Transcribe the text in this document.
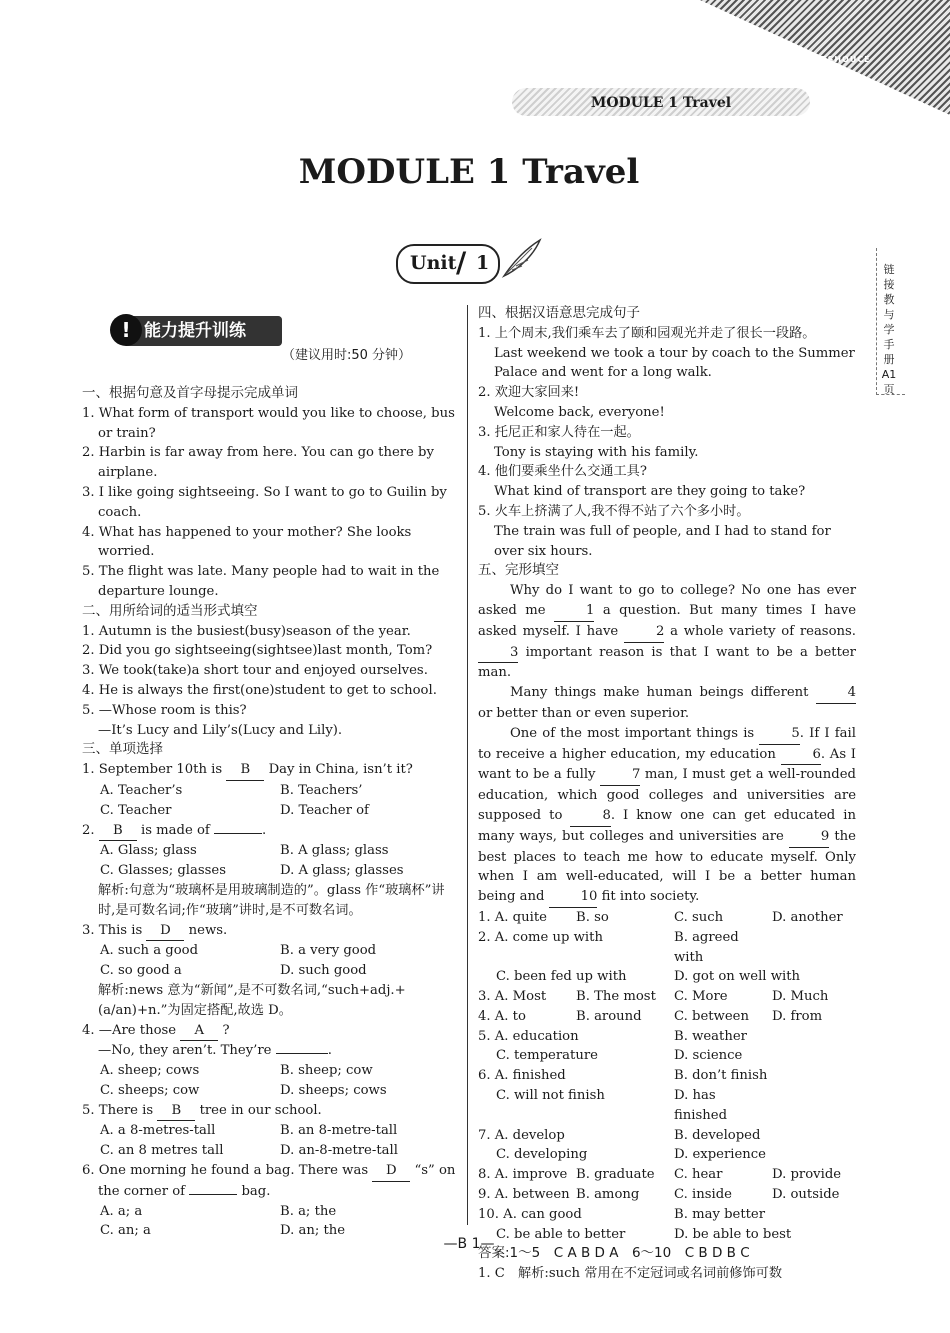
LIANYUCESHOUCE
MODULE 1 Travel
MODULE 1 Travel
Unit / 1	链 接 教 与 学 手 册 A1 页
! 能力提升训练
（建议用时:50 分钟）

一、根据句意及首字母提示完成单词

1. What form of transport would you like to choose, bus or train?

2. Harbin is far away from here. You can go there by airplane.

3. I like going sightseeing. So I want to go to Guilin by coach.

4. What has happened to your mother? She looks worried.

5. The flight was late. Many people had to wait in the departure lounge.

二、用所给词的适当形式填空

1. Autumn is the busiest(busy)season of the year.

2. Did you go sightseeing(sightsee)last month, Tom?

3. We took(take)a short tour and enjoyed ourselves.

4. He is always the first(one)student to get to school.

5. —Whose room is this?

—It’s Lucy and Lily’s(Lucy and Lily).

三、单项选择

1. September 10th is B Day in China, isn’t it?

A. Teacher’s	B. Teachers’
C. Teacher	D. Teacher of

2. B is made of	.

A. Glass; glass	B. A glass; glass
C. Glasses; glasses	D. A glass; glasses

解析:句意为“玻璃杯是用玻璃制造的”。glass 作“玻璃杯”讲时,是可数名词;作“玻璃”讲时,是不可数名词。

3. This is D news.

A. such a good	B. a very good
C. so good a	D. such good

解析:news 意为“新闻”,是不可数名词,“such+adj.+(a/an)+n.”为固定搭配,故选 D。

4. —Are those A ?

—No, they aren’t. They’re	.

A. sheep; cows	B. sheep; cow
C. sheeps; cow	D. sheeps; cows

5. There is B tree in our school.

A. a 8-metres-tall	B. an 8-metre-tall
C. an 8 metres tall	D. an-8-metre-tall

6. One morning he found a bag. There was D “s” on

the corner of	bag.

A. a; a	B. a; the
C. an; a	D. an; the

四、根据汉语意思完成句子

1. 上个周末,我们乘车去了颐和园观光并走了很长一段路。

Last weekend we took a tour by coach to the Summer Palace and went for a long walk.

2. 欢迎大家回来!

Welcome back, everyone!

3. 托尼正和家人待在一起。

Tony is staying with his family.

4. 他们要乘坐什么交通工具?

What kind of transport are they going to take?

5. 火车上挤满了人,我不得不站了六个多小时。

The train was full of people, and I had to stand for over six hours.

五、完形填空

Why do I want to go to college? No one has ever asked me	1 a question. But many times I have asked myself. I have	2 a whole variety of reasons. 3 important reason is that I want to be a better man.

Many things make human beings different	4 or better than or even superior.

One of the most important things is	5. If I fail to receive a higher education, my education	6. As I want to be a fully	7 man, I must get a well-rounded education, which good colleges and universities are supposed to	8. I know one can get educated in many ways, but colleges and universities are	9 the best places to teach me how to educate myself. Only when I am well-educated, will I be a better human being and	10 fit into society.

1. A. quite	B. so	C. such	D. another
2. A. come up with	B. agreed with
C. been fed up with	D. got on well with
3. A. Most	B. The most	C. More	D. Much
4. A. to	B. around	C. between	D. from
5. A. education	B. weather
C. temperature	D. science
6. A. finished	B. don’t finish
C. will not finish	D. has finished
7. A. develop	B. developed
C. developing	D. experience
8. A. improve B. graduate	C. hear	D. provide
9. A. between B. among	C. inside	D. outside
10. A. can good	B. may better
C. be able to better	D. be able to best

答案:1～5　C A B D A　6～10　C B D B C

1. C　解析:such 常用在不定冠词或名词前修饰可数

—B 1—
